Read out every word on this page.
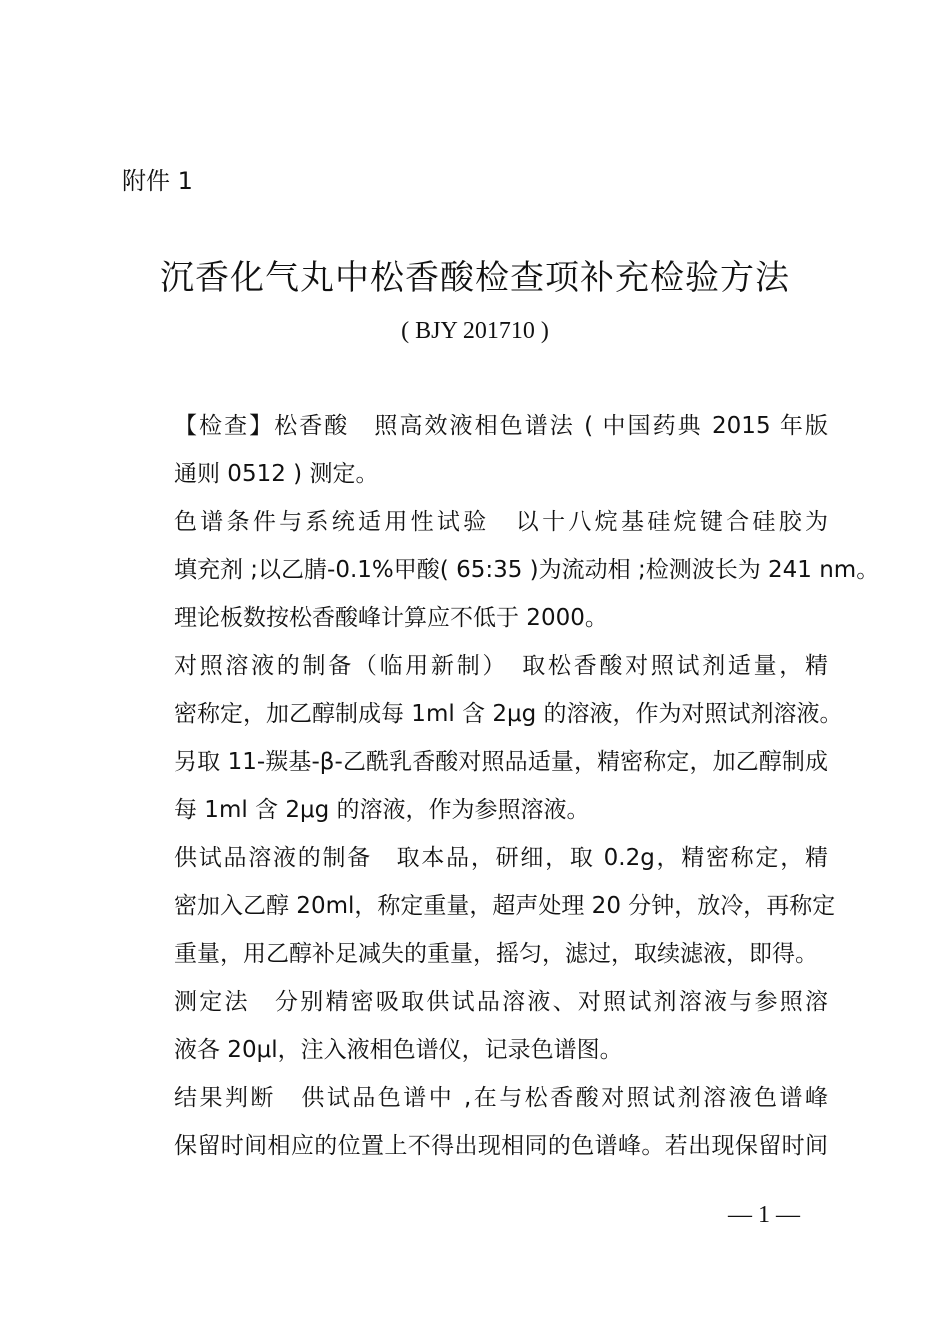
附件 1
沉香化气丸中松香酸检查项补充检验方法
( BJY 201710 )

【检查】松香酸　照高效液相色谱法 ( 中国药典 2015 年版
通则 0512 ) 测定。

色谱条件与系统适用性试验　以十八烷基硅烷键合硅胶为
填充剂 ;以乙腈-0.1%甲酸( 65:35 )为流动相 ;检测波长为 241 nm。
理论板数按松香酸峰计算应不低于 2000。

对照溶液的制备（临用新制）　取松香酸对照试剂适量，精
密称定，加乙醇制成每 1ml 含 2μg 的溶液，作为对照试剂溶液。
另取 11-羰基-β-乙酰乳香酸对照品适量，精密称定，加乙醇制成
每 1ml 含 2μg 的溶液，作为参照溶液。

供试品溶液的制备　取本品，研细，取 0.2g，精密称定，精
密加入乙醇 20ml，称定重量，超声处理 20 分钟，放冷，再称定
重量，用乙醇补足减失的重量，摇匀，滤过，取续滤液，即得。

测定法　分别精密吸取供试品溶液、对照试剂溶液与参照溶
液各 20μl，注入液相色谱仪，记录色谱图。

结果判断　供试品色谱中 ,在与松香酸对照试剂溶液色谱峰
保留时间相应的位置上不得出现相同的色谱峰。若出现保留时间

— 1 —
